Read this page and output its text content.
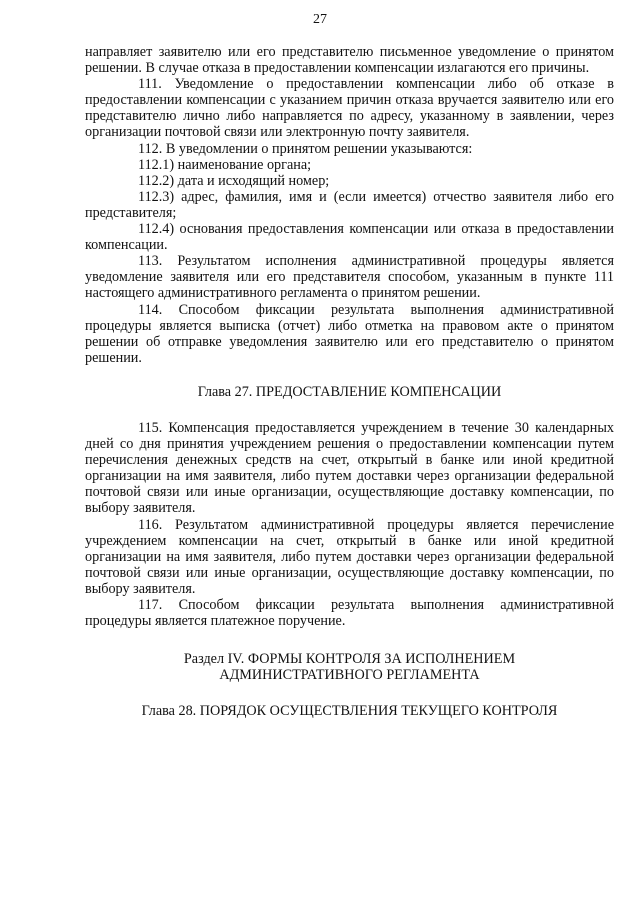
27

направляет заявителю или его представителю письменное уведомление о принятом решении. В случае отказа в предоставлении компенсации излагаются его причины.

111. Уведомление о предоставлении компенсации либо об отказе в предоставлении компенсации с указанием причин отказа вручается заявителю или его представителю лично либо направляется по адресу, указанному в заявлении, через организации почтовой связи или электронную почту заявителя.

112. В уведомлении о принятом решении указываются:

112.1) наименование органа;

112.2) дата и исходящий номер;

112.3) адрес, фамилия, имя и (если имеется) отчество заявителя либо его представителя;

112.4) основания предоставления компенсации или отказа в предоставлении компенсации.

113. Результатом исполнения административной процедуры является уведомление заявителя или его представителя способом, указанным в пункте 111 настоящего административного регламента о принятом решении.

114. Способом фиксации результата выполнения административной процедуры является выписка (отчет) либо отметка на правовом акте о принятом решении об отправке уведомления заявителю или его представителю о принятом решении.

Глава 27. ПРЕДОСТАВЛЕНИЕ КОМПЕНСАЦИИ

115. Компенсация предоставляется учреждением в течение 30 календарных дней со дня принятия учреждением решения о предоставлении компенсации путем перечисления денежных средств на счет, открытый в банке или иной кредитной организации на имя заявителя, либо путем доставки через организации федеральной почтовой связи или иные организации, осуществляющие доставку компенсации, по выбору заявителя.

116. Результатом административной процедуры является перечисление учреждением компенсации на счет, открытый в банке или иной кредитной организации на имя заявителя, либо путем доставки через организации федеральной почтовой связи или иные организации, осуществляющие доставку компенсации, по выбору заявителя.

117. Способом фиксации результата выполнения административной процедуры является платежное поручение.

Раздел IV. ФОРМЫ КОНТРОЛЯ ЗА ИСПОЛНЕНИЕМ
АДМИНИСТРАТИВНОГО РЕГЛАМЕНТА
Глава 28. ПОРЯДОК ОСУЩЕСТВЛЕНИЯ ТЕКУЩЕГО КОНТРОЛЯ
